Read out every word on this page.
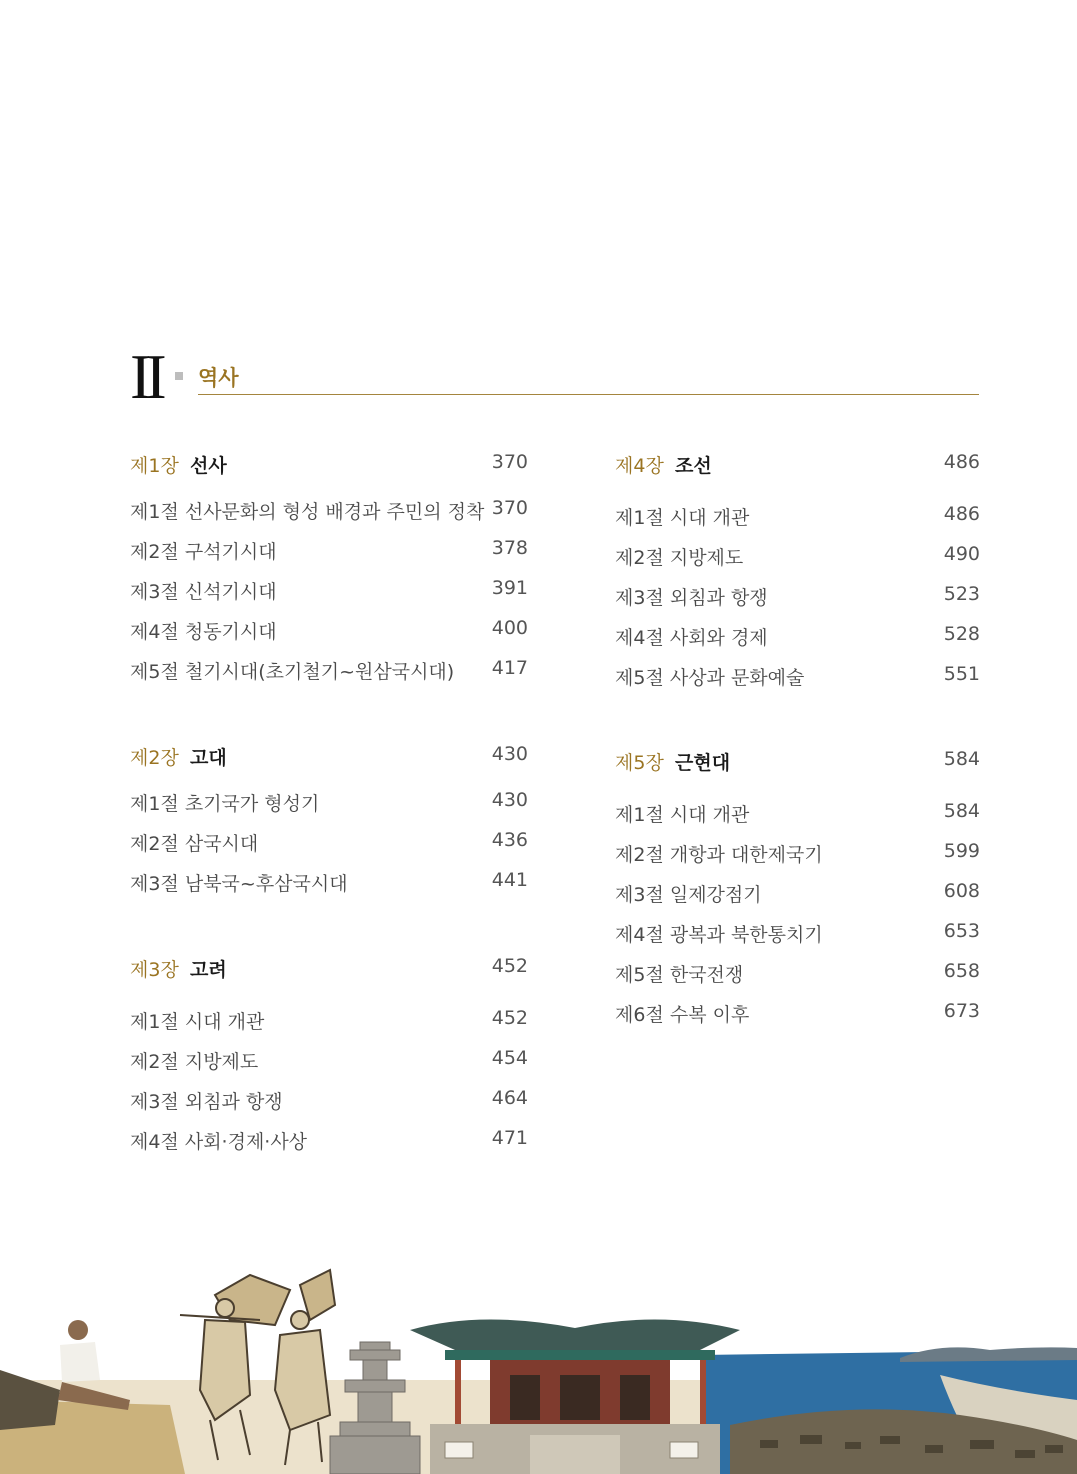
II 역사
제1장 선사	370
제1절 선사문화의 형성 배경과 주민의 정착 370
제2절 구석기시대	378
제3절 신석기시대	391
제4절 청동기시대	400
제5절 철기시대(초기철기~원삼국시대) 417
제2장 고대	430
제1절 초기국가 형성기	430
제2절 삼국시대	436
제3절 남북국~후삼국시대	441
제3장 고려	452
제1절 시대 개관	452
제2절 지방제도	454
제3절 외침과 항쟁	464
제4절 사회·경제·사상	471
제4장 조선	486
제1절 시대 개관	486
제2절 지방제도	490
제3절 외침과 항쟁	523
제4절 사회와 경제	528
제5절 사상과 문화예술	551
제5장 근현대	584
제1절 시대 개관	584
제2절 개항과 대한제국기	599
제3절 일제강점기	608
제4절 광복과 북한통치기	653
제5절 한국전쟁	658
제6절 수복 이후	673
